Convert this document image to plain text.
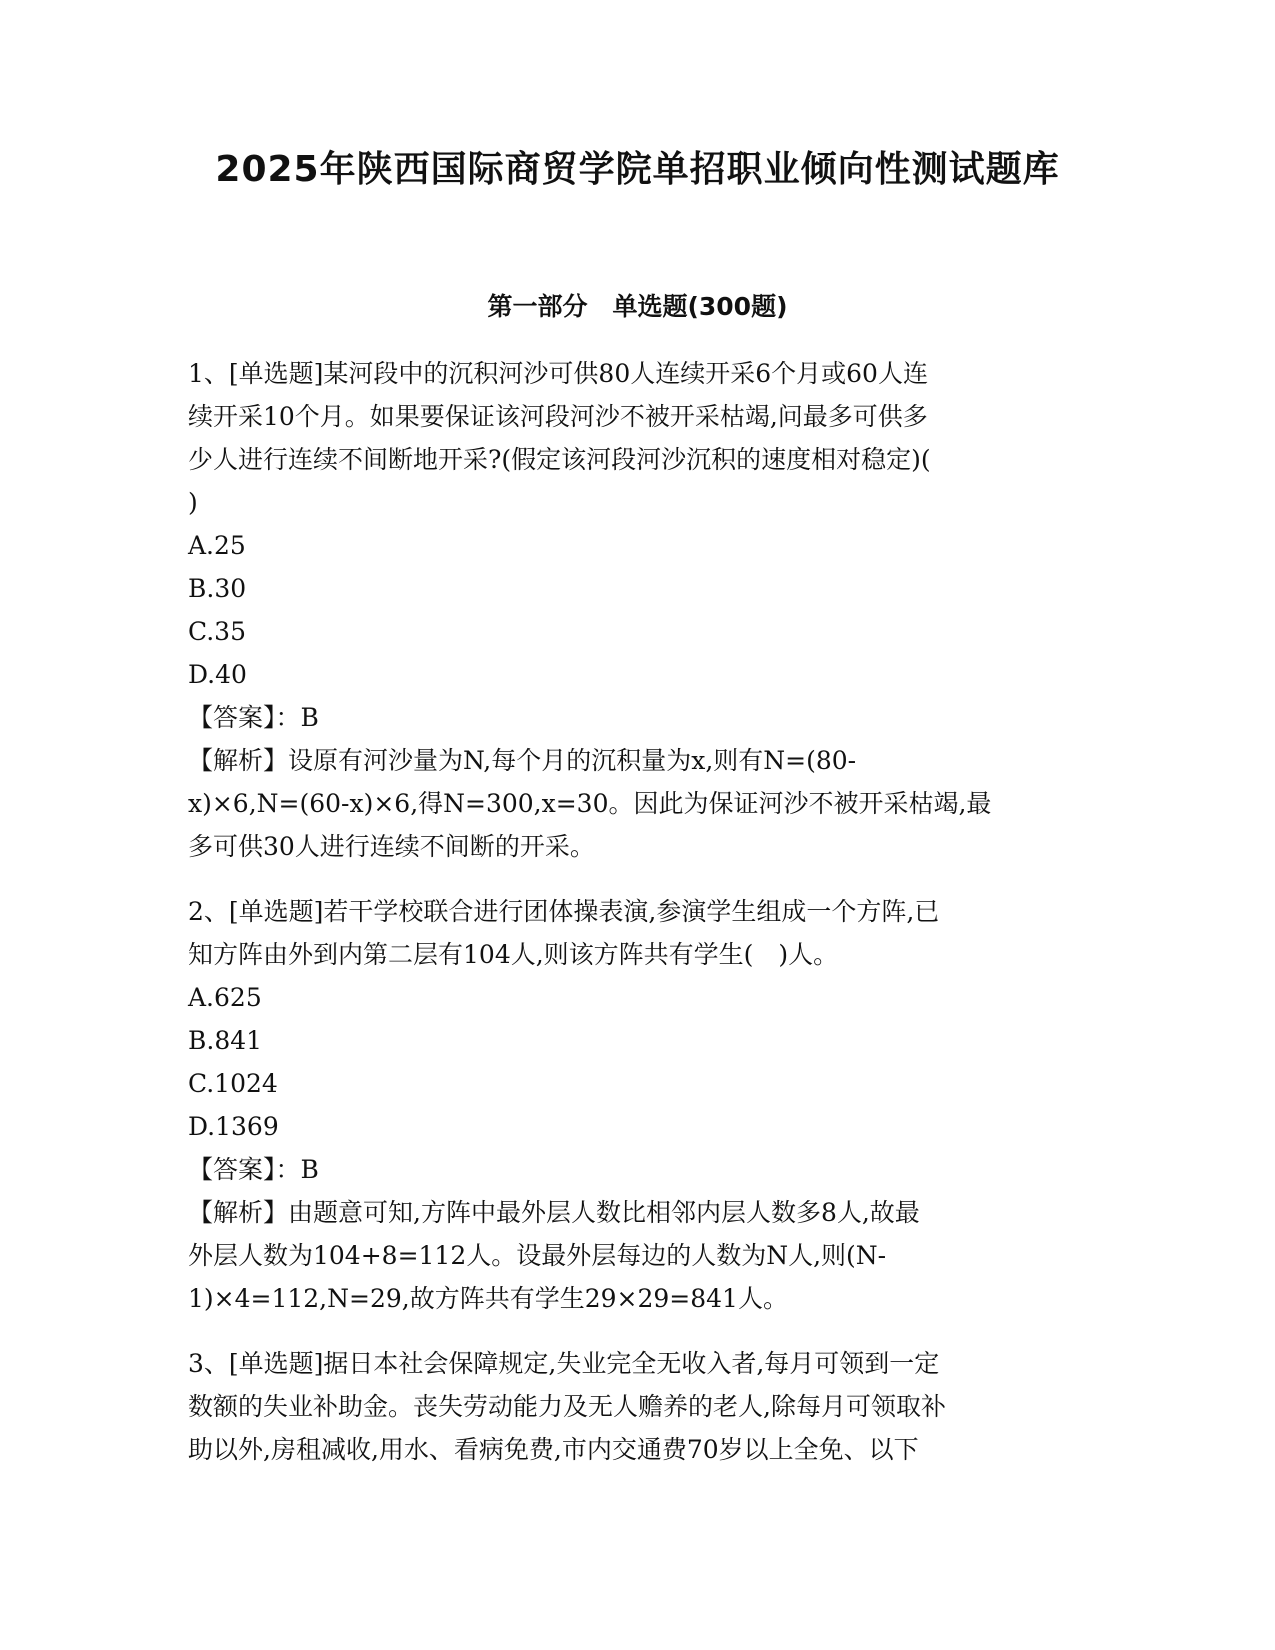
2025年陕西国际商贸学院单招职业倾向性测试题库
第一部分　单选题(300题)
1、[单选题]某河段中的沉积河沙可供80人连续开采6个月或60人连
续开采10个月。如果要保证该河段河沙不被开采枯竭,问最多可供多
少人进行连续不间断地开采?(假定该河段河沙沉积的速度相对稳定)(
)
A.25
B.30
C.35
D.40
【答案】：B
【解析】设原有河沙量为N,每个月的沉积量为x,则有N=(80-
x)×6,N=(60-x)×6,得N=300,x=30。因此为保证河沙不被开采枯竭,最
多可供30人进行连续不间断的开采。
2、[单选题]若干学校联合进行团体操表演,参演学生组成一个方阵,已
知方阵由外到内第二层有104人,则该方阵共有学生(　)人。
A.625
B.841
C.1024
D.1369
【答案】：B
【解析】由题意可知,方阵中最外层人数比相邻内层人数多8人,故最
外层人数为104+8=112人。设最外层每边的人数为N人,则(N-
1)×4=112,N=29,故方阵共有学生29×29=841人。
3、[单选题]据日本社会保障规定,失业完全无收入者,每月可领到一定
数额的失业补助金。丧失劳动能力及无人赡养的老人,除每月可领取补
助以外,房租减收,用水、看病免费,市内交通费70岁以上全免、以下
